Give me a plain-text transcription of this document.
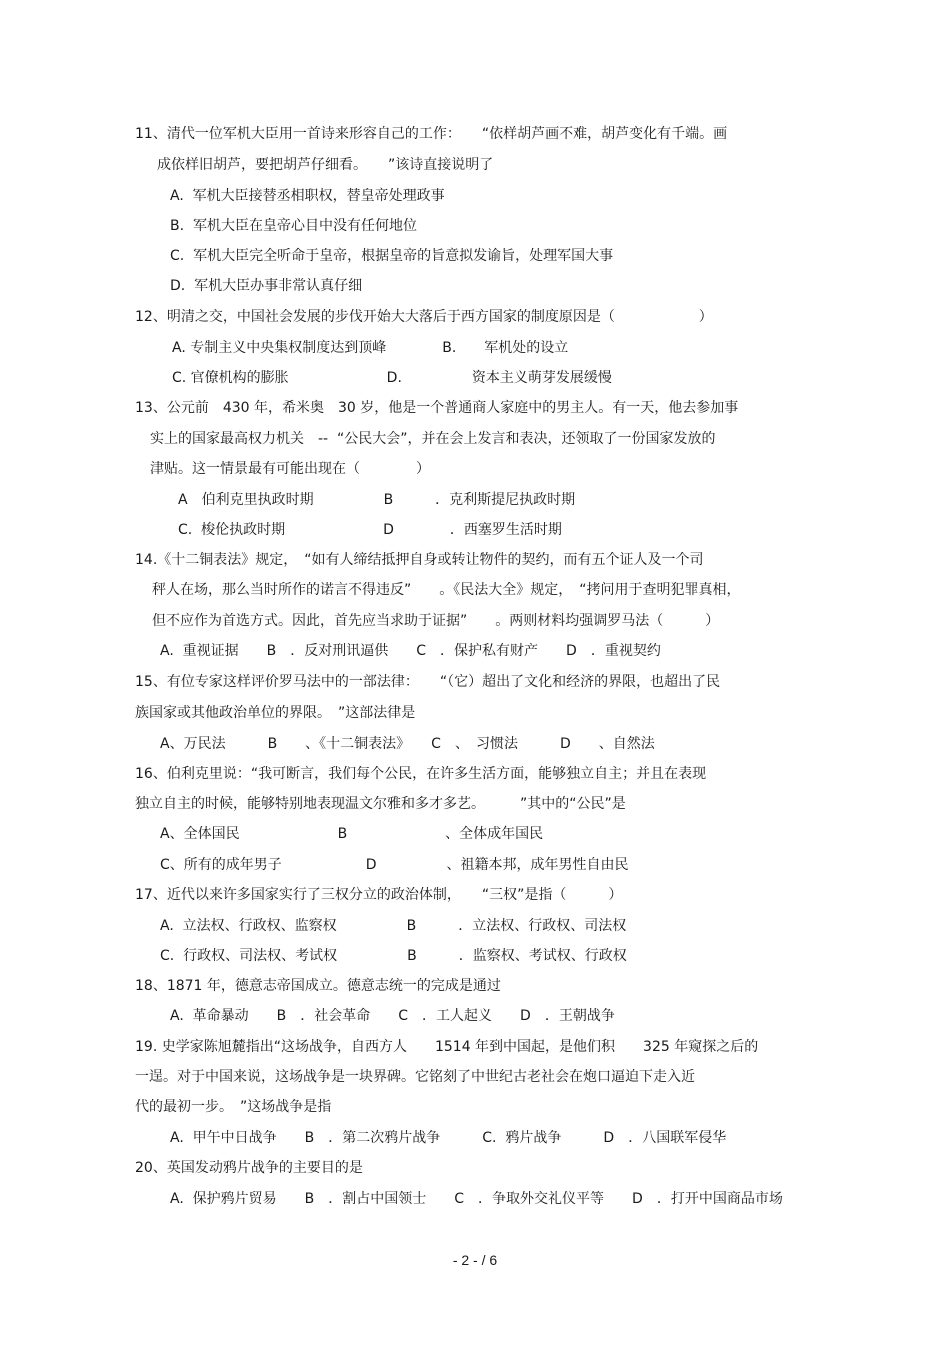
11、清代一位军机大臣用一首诗来形容自己的工作：　　“依样胡芦画不难，胡芦变化有千端。画
成依样旧胡芦，要把胡芦仔细看。　　”该诗直接说明了
A.  军机大臣接替丞相职权，替皇帝处理政事
B.  军机大臣在皇帝心目中没有任何地位
C.  军机大臣完全听命于皇帝，根据皇帝的旨意拟发谕旨，处理军国大事
D.  军机大臣办事非常认真仔细
12、明清之交，中国社会发展的步伐开始大大落后于西方国家的制度原因是（　　　　　　）
A. 专制主义中央集权制度达到顶峰　　　　B.　　军机处的设立
C. 官僚机构的膨胀　　　　　　　D.　　　　　资本主义萌芽发展缓慢
13、公元前　430 年，希米奥　30 岁，他是一个普通商人家庭中的男主人。有一天，他去参加事
实上的国家最高权力机关　--  “公民大会”，并在会上发言和表决，还领取了一份国家发放的
津贴。这一情景最有可能出现在（　　　　）
A　伯利克里执政时期　　　　　B　　　．克利斯提尼执政时期
C.  梭伦执政时期　　　　　　　D　　　　．西塞罗生活时期
14.《十二铜表法》规定，　“如有人缔结抵押自身或转让物件的契约，而有五个证人及一个司
秤人在场，那么当时所作的诺言不得违反”　　。《民法大全》规定，　“拷问用于查明犯罪真相，
但不应作为首选方式。因此，首先应当求助于证据”　　。两则材料均强调罗马法（　　　）
A.  重视证据　　B　．反对刑讯逼供　　C　．保护私有财产　　D　．重视契约
15、有位专家这样评价罗马法中的一部法律：　　“（它）超出了文化和经济的界限，也超出了民
族国家或其他政治单位的界限。　”这部法律是
A、万民法　　　B　　、《十二铜表法》　　C　、　习惯法　　　D　　、自然法
16、伯利克里说：“我可断言，我们每个公民，在许多生活方面，能够独立自主；并且在表现
独立自主的时候，能够特别地表现温文尔雅和多才多艺。　　　”其中的“公民”是
A、全体国民　　　　　　　B　　　　　　　、全体成年国民
C、所有的成年男子　　　　　　D　　　　　、祖籍本邦，成年男性自由民
17、近代以来许多国家实行了三权分立的政治体制，　　“三权”是指（　　　）
A.  立法权、行政权、监察权　　　　　B　　　．立法权、行政权、司法权
C.  行政权、司法权、考试权　　　　　B　　　．监察权、考试权、行政权
18、1871 年，德意志帝国成立。德意志统一的完成是通过
A.  革命暴动　　B　．社会革命　　C　．工人起义　　D　．王朝战争
19. 史学家陈旭麓指出“这场战争，自西方人　　1514 年到中国起，是他们积　　325 年窥探之后的
一逞。对于中国来说，这场战争是一块界碑。它铭刻了中世纪古老社会在炮口逼迫下走入近
代的最初一步。　”这场战争是指
A.  甲午中日战争　　B　．第二次鸦片战争　　　C.  鸦片战争　　　D　．八国联军侵华
20、英国发动鸦片战争的主要目的是
A.  保护鸦片贸易　　B　．割占中国领士　　C　．争取外交礼仪平等　　D　．打开中国商品市场
- 2 - / 6
